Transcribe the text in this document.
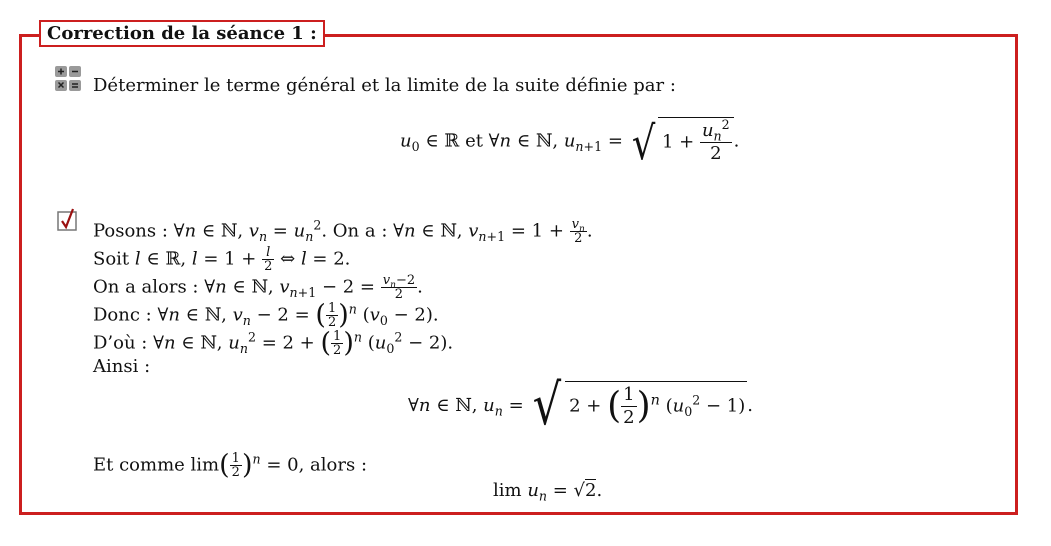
Correction de la séance 1 :
Déterminer le terme général et la limite de la suite définie par :
$u_0$ ∈ ℝ et ∀n ∈ ℕ, $u_{n+1}$ = √ $1 + \frac{u_n^2}{2}$ .
Posons : ∀n ∈ ℕ, $v_n = u_n^2$. On a : ∀n ∈ ℕ, $v_{n+1} = 1 + \frac{v_n}{2}$ .
Soit l ∈ ℝ, $l = 1 + \frac{l}{2}$ ⇔ l = 2.
On a alors : ∀n ∈ ℕ, $v_{n+1} - 2 = \frac{v_n-2}{2}$ .
Donc : ∀n ∈ ℕ, $v_n - 2$ = ( $\frac{1}{2} )^n$ $(v_0 - 2)$.
D’où : ∀n ∈ ℕ, $u_n^2 = 2$ + ( $\frac{1}{2} )^n$ $(u_0^2 - 2)$.
Ainsi :
∀n ∈ ℕ, $u_n$ = √ 2 + ( $\frac{1}{2} )^n$ $(u_0^2 - 1)$ .
Et comme $\lim( \frac{1}{2} )^n = 0$, alors :
$\lim u_n = √2$.
